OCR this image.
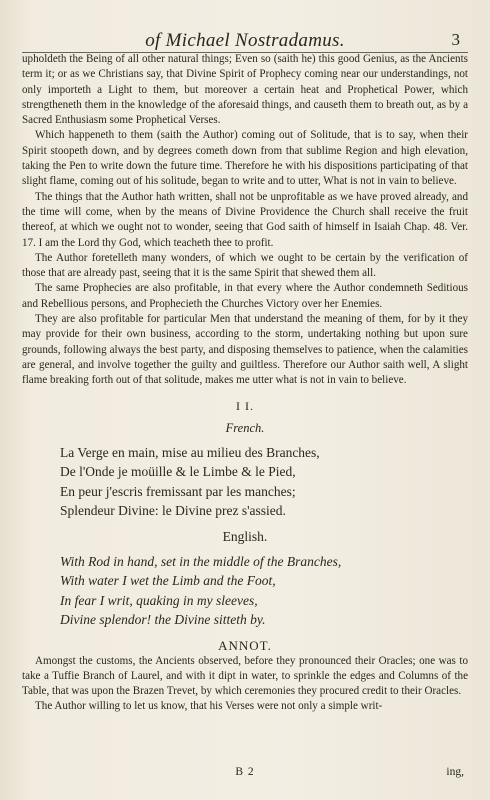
of Michael Nostradamus.	3

upholdeth the Being of all other natural things; Even so (saith he) this good Genius, as the Ancients term it; or as we Christians say, that Divine Spirit of Prophecy coming near our understandings, not only importeth a Light to them, but moreover a certain heat and Prophetical Power, which strengtheneth them in the knowledge of the aforesaid things, and causeth them to breath out, as by a Sacred Enthusiasm some Prophetical Verses.

Which happeneth to them (saith the Author) coming out of Solitude, that is to say, when their Spirit stoopeth down, and by degrees cometh down from that sublime Region and high elevation, taking the Pen to write down the future time. Therefore he with his dispositions participating of that slight flame, coming out of his solitude, began to write and to utter, What is not in vain to believe.

The things that the Author hath written, shall not be unprofitable as we have proved already, and the time will come, when by the means of Divine Providence the Church shall receive the fruit thereof, at which we ought not to wonder, seeing that God saith of himself in Isaiah Chap. 48. Ver. 17. I am the Lord thy God, which teacheth thee to profit.

The Author foretelleth many wonders, of which we ought to be certain by the verification of those that are already past, seeing that it is the same Spirit that shewed them all.

The same Prophecies are also profitable, in that every where the Author condemneth Seditious and Rebellious persons, and Prophecieth the Churches Victory over her Enemies.

They are also profitable for particular Men that understand the meaning of them, for by it they may provide for their own business, according to the storm, undertaking nothing but upon sure grounds, following always the best party, and disposing themselves to patience, when the calamities are general, and involve together the guilty and guiltless. Therefore our Author saith well, A slight flame breaking forth out of that solitude, makes me utter what is not in vain to believe.

I I.

French.

La Verge en main, mise au milieu des Branches,
De l'Onde je moüille & le Limbe & le Pied,
En peur j'escris fremissant par les manches;
Splendeur Divine: le Divine prez s'assied.

English.

With Rod in hand, set in the middle of the Branches,
With water I wet the Limb and the Foot,
In fear I writ, quaking in my sleeves,
Divine splendor! the Divine sitteth by.

ANNOT.

Amongst the customs, the Ancients observed, before they pronounced their Oracles; one was to take a Tuffie Branch of Laurel, and with it dipt in water, to sprinkle the edges and Columns of the Table, that was upon the Brazen Trevet, by which ceremonies they procured credit to their Oracles.

The Author willing to let us know, that his Verses were not only a simple writ-

B 2	ing,
